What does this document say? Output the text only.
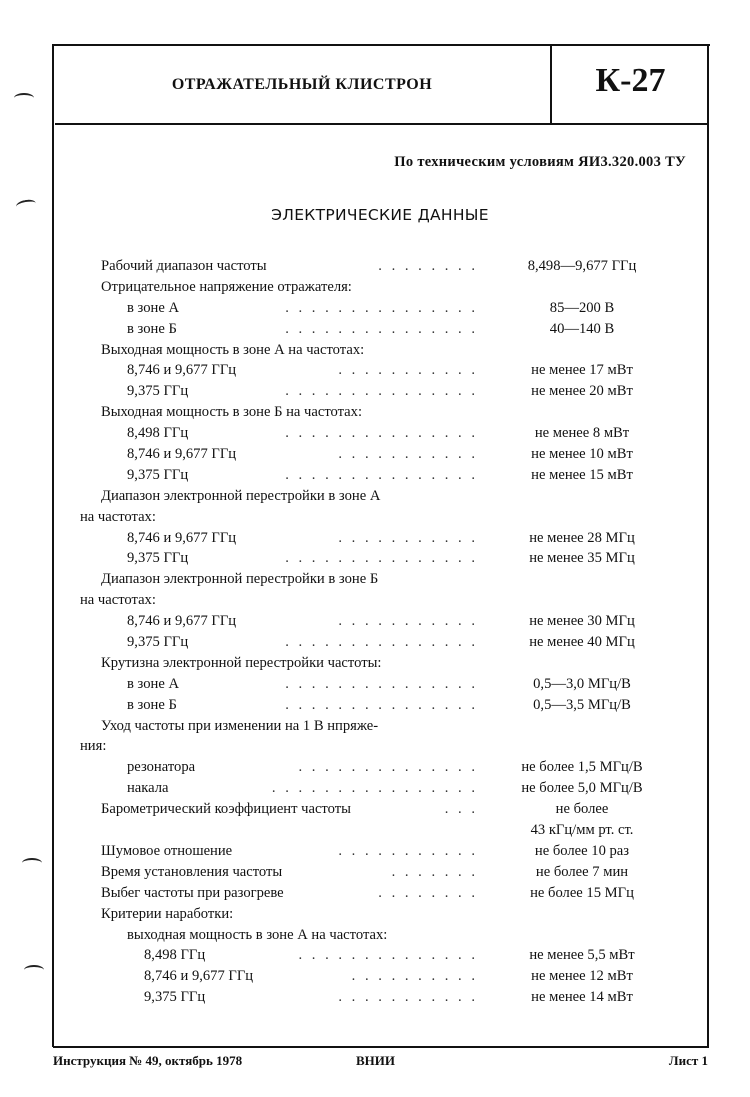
ОТРАЖАТЕЛЬНЫЙ КЛИСТРОН	К-27
По техническим условиям ЯИ3.320.003 ТУ
ЭЛЕКТРИЧЕСКИЕ ДАННЫЕ
Рабочий диапазон частоты	. . . . . . . .	8,498—9,677 ГГц
Отрицательное напряжение отражателя:
в зоне А	. . . . . . . . . . . . . . .	85—200 В
в зоне Б	. . . . . . . . . . . . . . .	40—140 В
Выходная мощность в зоне А на частотах:
8,746 и 9,677 ГГц	. . . . . . . . . . .	не менее 17 мВт
9,375 ГГц	. . . . . . . . . . . . . . .	не менее 20 мВт
Выходная мощность в зоне Б на частотах:
8,498 ГГц	. . . . . . . . . . . . . . .	не менее 8 мВт
8,746 и 9,677 ГГц	. . . . . . . . . . .	не менее 10 мВт
9,375 ГГц	. . . . . . . . . . . . . . .	не менее 15 мВт
Диапазон электронной перестройки в зоне А
на частотах:
8,746 и 9,677 ГГц	. . . . . . . . . . .	не менее 28 МГц
9,375 ГГц	. . . . . . . . . . . . . . .	не менее 35 МГц
Диапазон электронной перестройки в зоне Б
на частотах:
8,746 и 9,677 ГГц	. . . . . . . . . . .	не менее 30 МГц
9,375 ГГц	. . . . . . . . . . . . . . .	не менее 40 МГц
Крутизна электронной перестройки частоты:
в зоне А	. . . . . . . . . . . . . . .	0,5—3,0 МГц/В
в зоне Б	. . . . . . . . . . . . . . .	0,5—3,5 МГц/В
Уход частоты при изменении на 1 В нпряже-
ния:
резонатора	. . . . . . . . . . . . . .	не более 1,5 МГц/В
накала	. . . . . . . . . . . . . . . .	не более 5,0 МГц/В
Барометрический коэффициент частоты	. . .	не более
43 кГц/мм рт. ст.
Шумовое отношение	. . . . . . . . . . .	не более 10 раз
Время установления частоты	. . . . . . .	не более 7 мин
Выбег частоты при разогреве	. . . . . . . .	не более 15 МГц
Критерии наработки:
выходная мощность в зоне А на частотах:
8,498 ГГц	. . . . . . . . . . . . . .	не менее 5,5 мВт
8,746 и 9,677 ГГц	. . . . . . . . . .	не менее 12 мВт
9,375 ГГц	. . . . . . . . . . .	не менее 14 мВт
Инструкция № 49, октябрь 1978	ВНИИ	Лист 1
